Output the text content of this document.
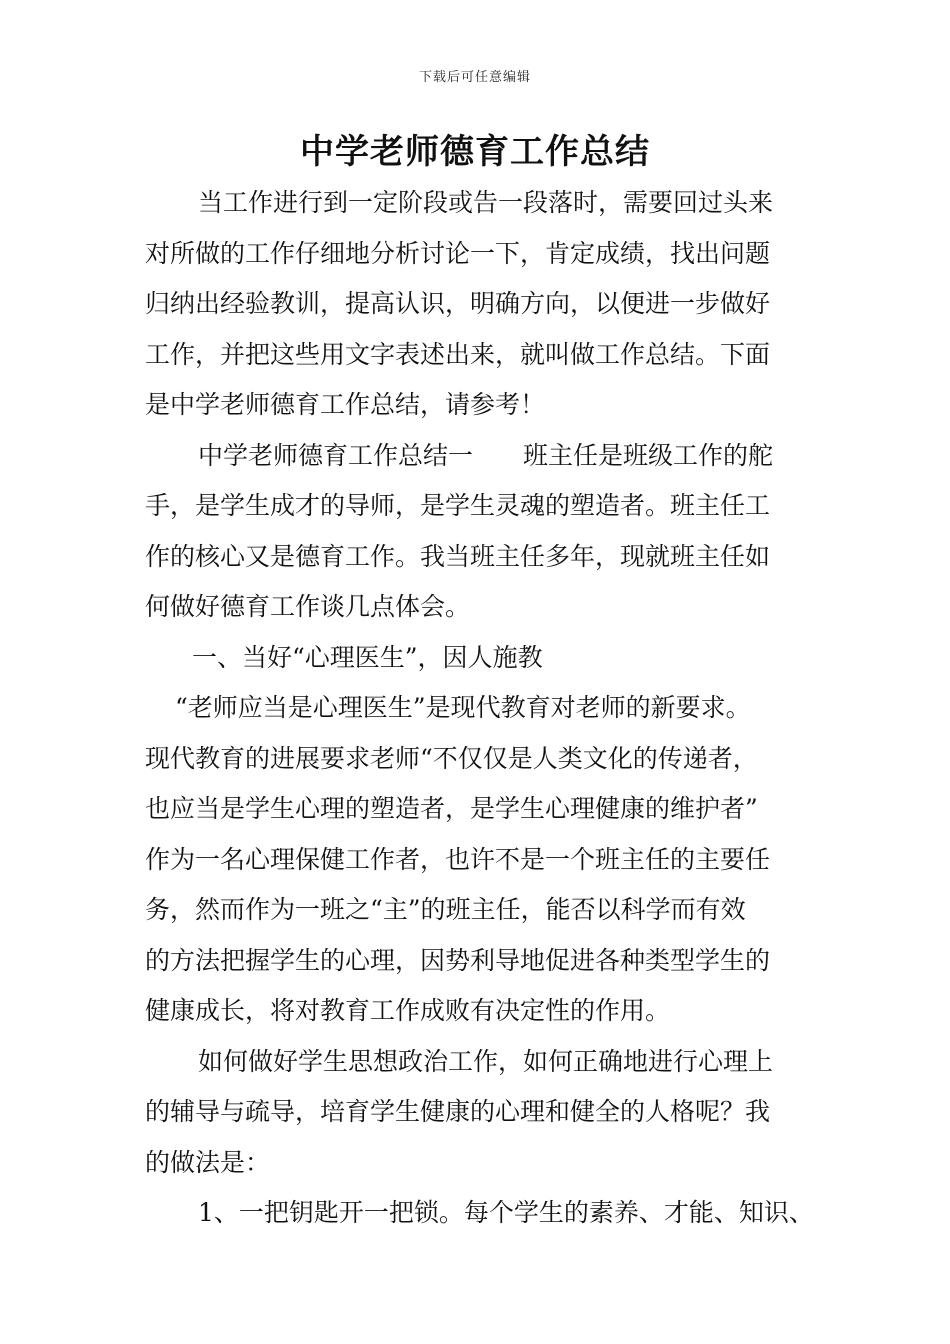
下载后可任意编辑
中学老师德育工作总结
当工作进行到一定阶段或告一段落时，需要回过头来
对所做的工作仔细地分析讨论一下，肯定成绩，找出问题
归纳出经验教训，提高认识，明确方向，以便进一步做好
工作，并把这些用文字表述出来，就叫做工作总结。下面
是中学老师德育工作总结，请参考！
中学老师德育工作总结一　　班主任是班级工作的舵
手，是学生成才的导师，是学生灵魂的塑造者。班主任工
作的核心又是德育工作。我当班主任多年，现就班主任如
何做好德育工作谈几点体会。
一、当好“心理医生”，因人施教
“老师应当是心理医生”是现代教育对老师的新要求。
现代教育的进展要求老师“不仅仅是人类文化的传递者，
也应当是学生心理的塑造者，是学生心理健康的维护者”
作为一名心理保健工作者，也许不是一个班主任的主要任
务，然而作为一班之“主”的班主任，能否以科学而有效
的方法把握学生的心理，因势利导地促进各种类型学生的
健康成长，将对教育工作成败有决定性的作用。
如何做好学生思想政治工作，如何正确地进行心理上
的辅导与疏导，培育学生健康的心理和健全的人格呢？我
的做法是：
1、一把钥匙开一把锁。每个学生的素养、才能、知识、
